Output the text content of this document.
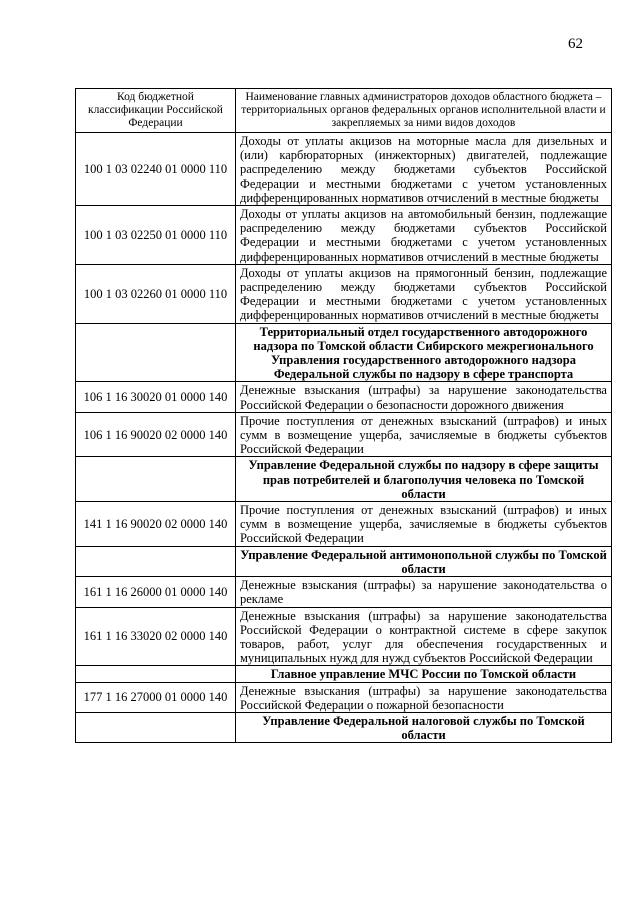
62
Код бюджетной классификации Российской Федерации	Наименование главных администраторов доходов областного бюджета – территориальных органов федеральных органов исполнительной власти и закрепляемых за ними видов доходов
100 1 03 02240 01 0000 110	Доходы от уплаты акцизов на моторные масла для дизельных и (или) карбюраторных (инжекторных) двигателей, подлежащие распределению между бюджетами субъектов Российской Федерации и местными бюджетами с учетом установленных дифференцированных нормативов отчислений в местные бюджеты
100 1 03 02250 01 0000 110	Доходы от уплаты акцизов на автомобильный бензин, подлежащие распределению между бюджетами субъектов Российской Федерации и местными бюджетами с учетом установленных дифференцированных нормативов отчислений в местные бюджеты
100 1 03 02260 01 0000 110	Доходы от уплаты акцизов на прямогонный бензин, подлежащие распределению между бюджетами субъектов Российской Федерации и местными бюджетами с учетом установленных дифференцированных нормативов отчислений в местные бюджеты
	Территориальный отдел государственного автодорожного надзора по Томской области Сибирского межрегионального Управления государственного автодорожного надзора Федеральной службы по надзору в сфере транспорта
106 1 16 30020 01 0000 140	Денежные взыскания (штрафы) за нарушение законодательства Российской Федерации о безопасности дорожного движения
106 1 16 90020 02 0000 140	Прочие поступления от денежных взысканий (штрафов) и иных сумм в возмещение ущерба, зачисляемые в бюджеты субъектов Российской Федерации
	Управление Федеральной службы по надзору в сфере защиты прав потребителей и благополучия человека по Томской области
141 1 16 90020 02 0000 140	Прочие поступления от денежных взысканий (штрафов) и иных сумм в возмещение ущерба, зачисляемые в бюджеты субъектов Российской Федерации
	Управление Федеральной антимонопольной службы по Томской области
161 1 16 26000 01 0000 140	Денежные взыскания (штрафы) за нарушение законодательства о рекламе
161 1 16 33020 02 0000 140	Денежные взыскания (штрафы) за нарушение законодательства Российской Федерации о контрактной системе в сфере закупок товаров, работ, услуг для обеспечения государственных и муниципальных нужд для нужд субъектов Российской Федерации
	Главное управление МЧС России по Томской области
177 1 16 27000 01 0000 140	Денежные взыскания (штрафы) за нарушение законодательства Российской Федерации о пожарной безопасности
	Управление Федеральной налоговой службы по Томской области
